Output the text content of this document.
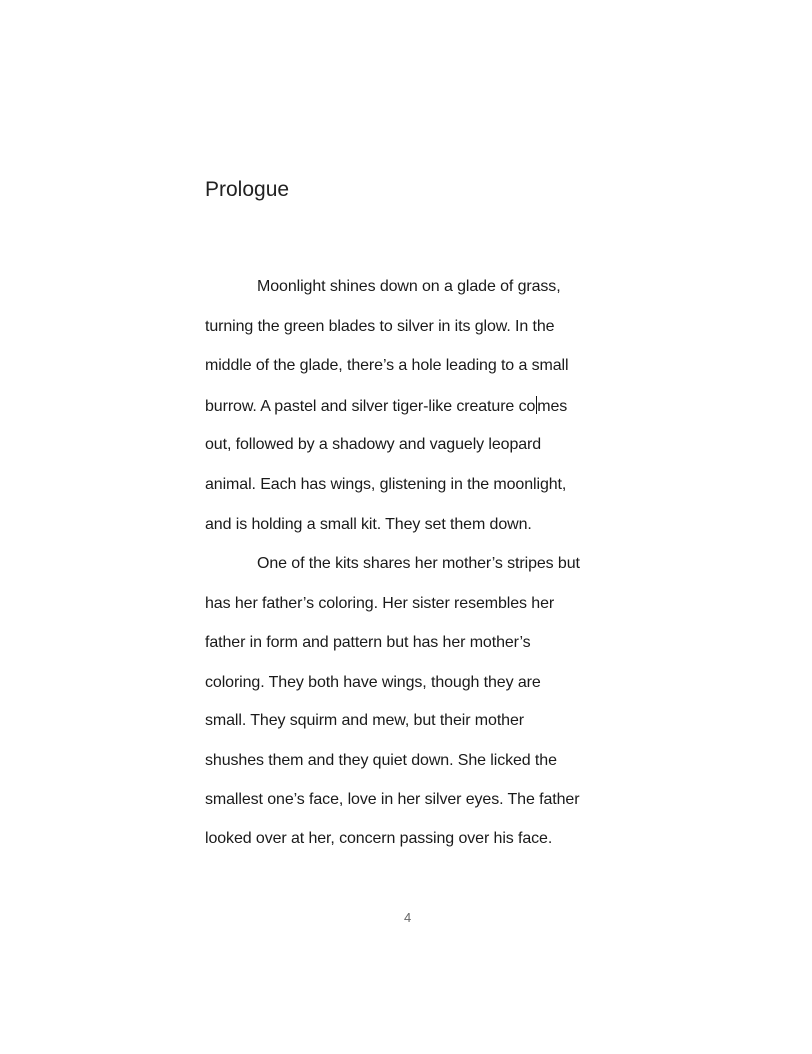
Prologue
Moonlight shines down on a glade of grass,
turning the green blades to silver in its glow. In the
middle of the glade, there’s a hole leading to a small
burrow. A pastel and silver tiger-like creature co mes
out, followed by a shadowy and vaguely leopard
animal. Each has wings, glistening in the moonlight,
and is holding a small kit. They set them down.
One of the kits shares her mother’s stripes but
has her father’s coloring. Her sister resembles her
father in form and pattern but has her mother’s
coloring. They both have wings, though they are
small. They squirm and mew, but their mother
shushes them and they quiet down. She licked the
smallest one’s face, love in her silver eyes. The father
looked over at her, concern passing over his face.
4
